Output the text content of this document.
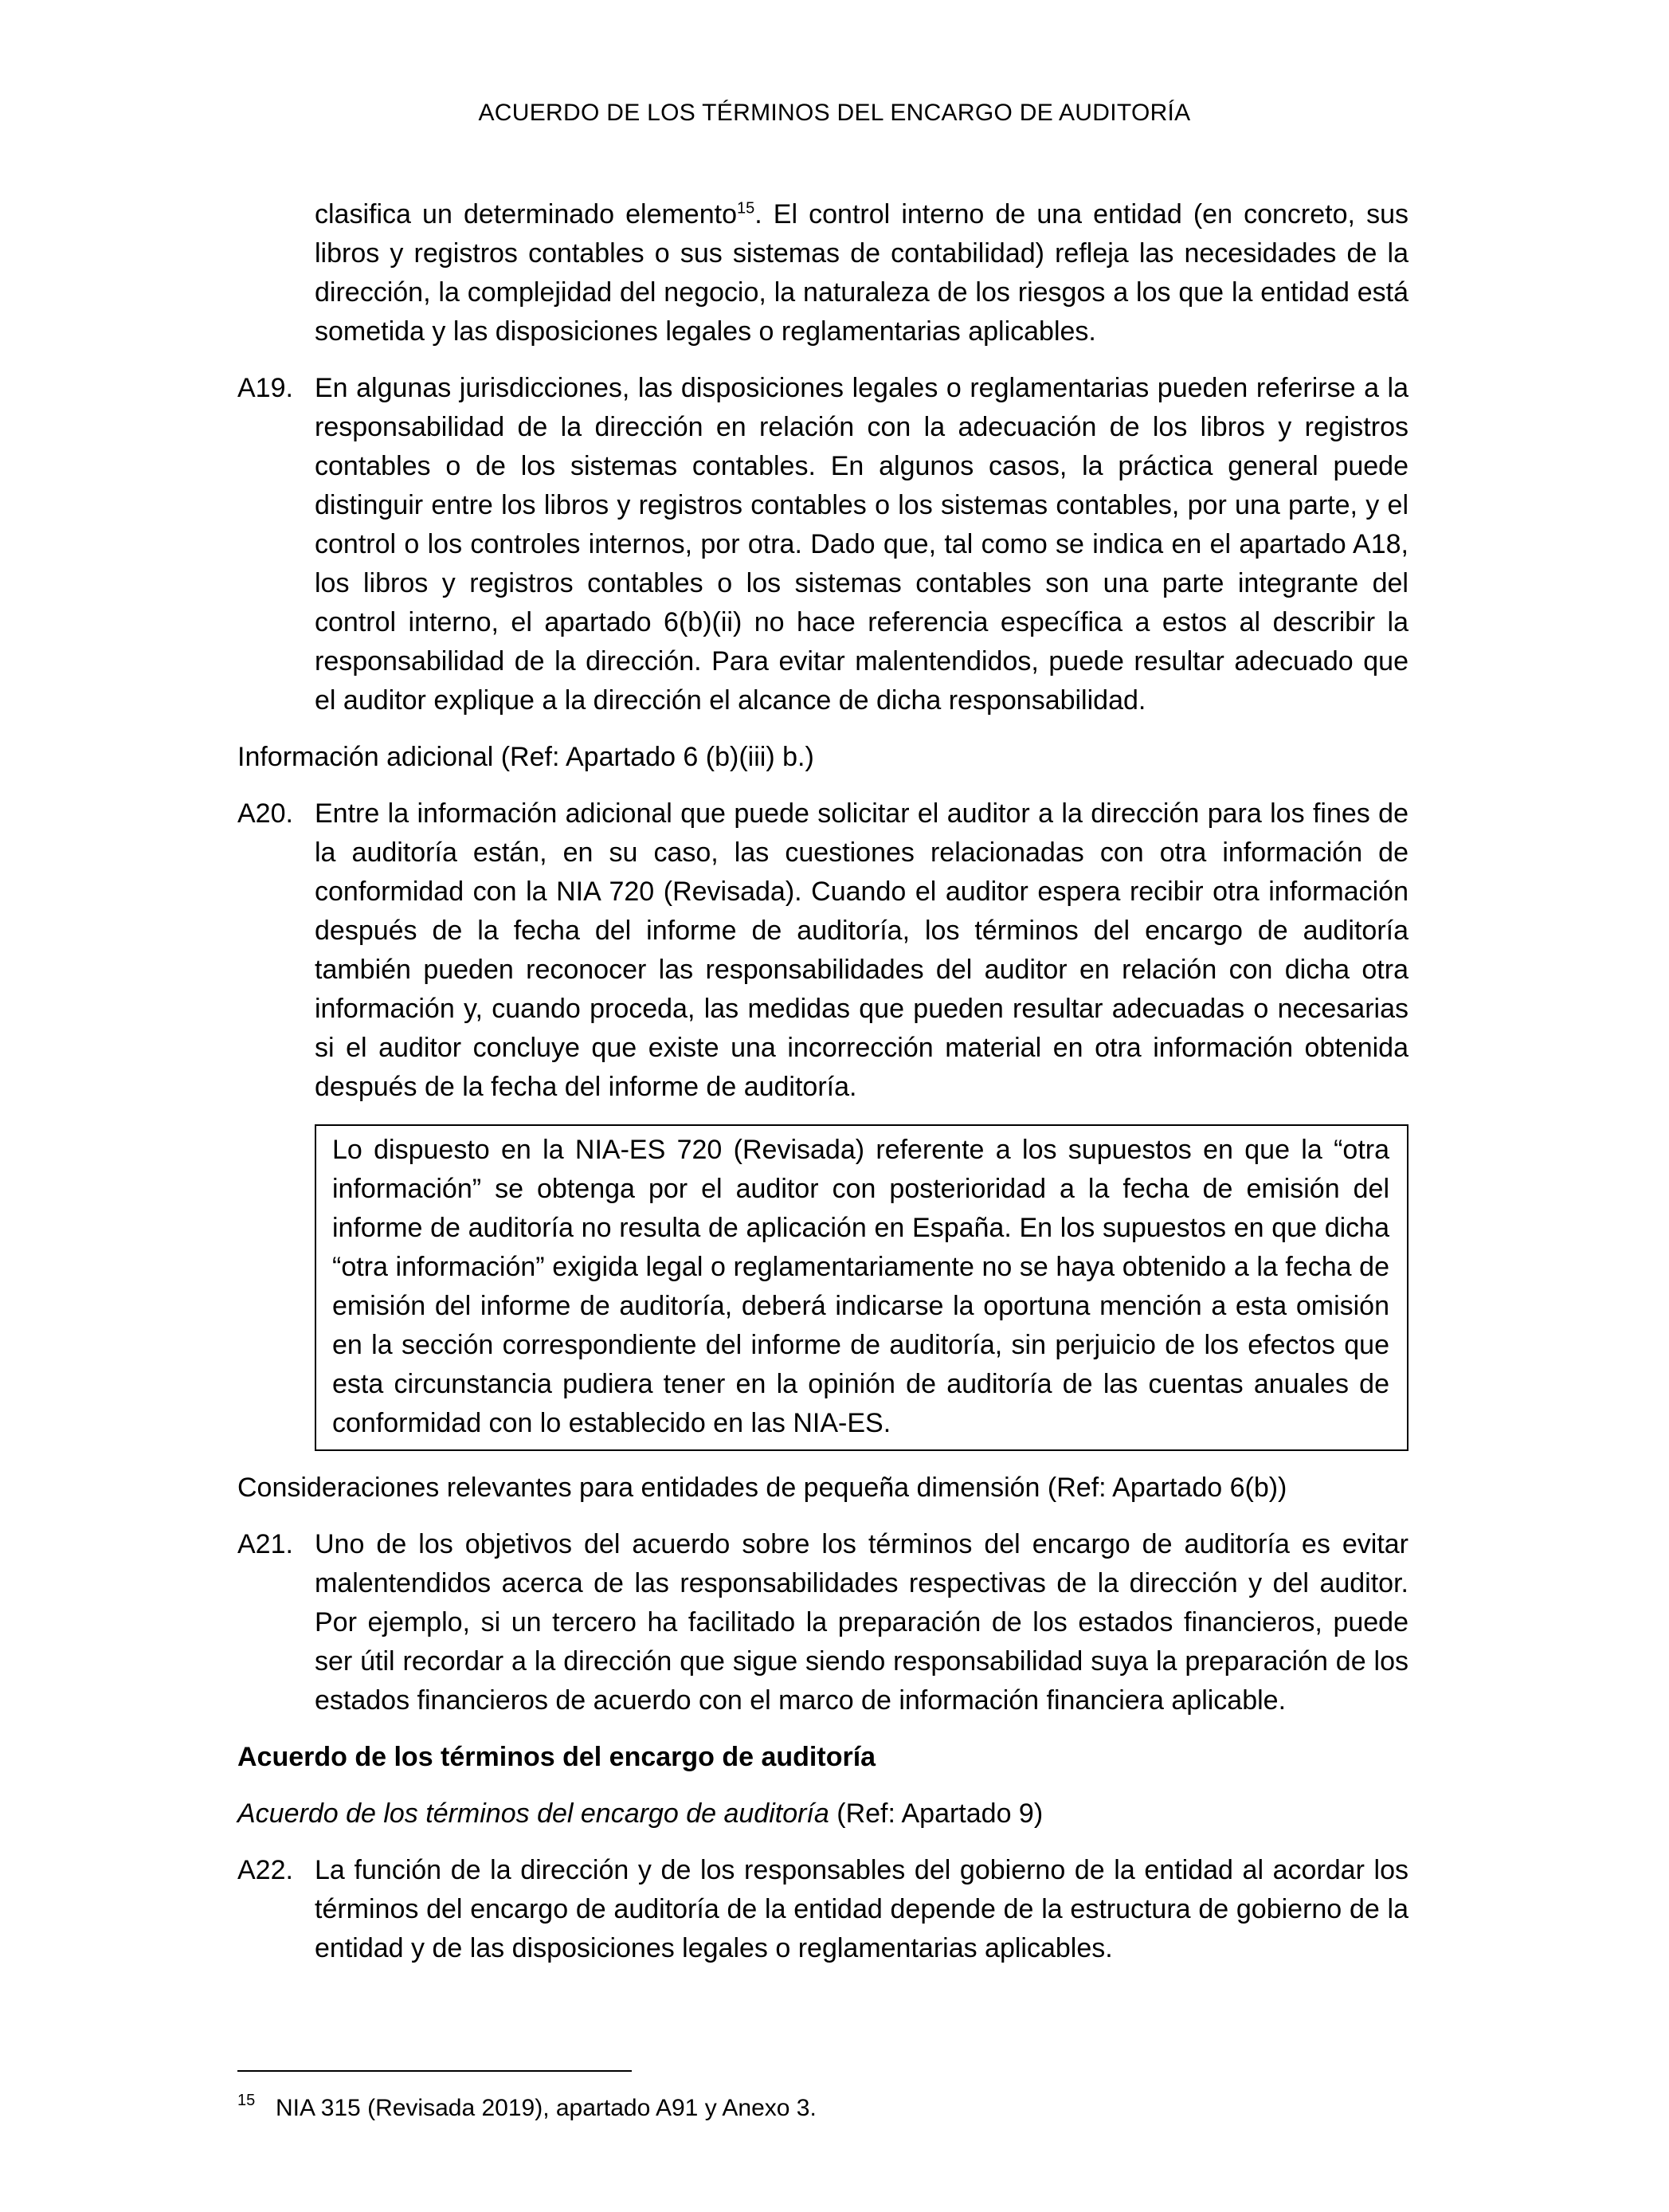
ACUERDO DE LOS TÉRMINOS DEL ENCARGO DE AUDITORÍA
clasifica un determinado elemento$^{15}$. El control interno de una entidad (en concreto, sus libros y registros contables o sus sistemas de contabilidad) refleja las necesidades de la dirección, la complejidad del negocio, la naturaleza de los riesgos a los que la entidad está sometida y las disposiciones legales o reglamentarias aplicables.
A19. En algunas jurisdicciones, las disposiciones legales o reglamentarias pueden referirse a la responsabilidad de la dirección en relación con la adecuación de los libros y registros contables o de los sistemas contables. En algunos casos, la práctica general puede distinguir entre los libros y registros contables o los sistemas contables, por una parte, y el control o los controles internos, por otra. Dado que, tal como se indica en el apartado A18, los libros y registros contables o los sistemas contables son una parte integrante del control interno, el apartado 6(b)(ii) no hace referencia específica a estos al describir la responsabilidad de la dirección. Para evitar malentendidos, puede resultar adecuado que el auditor explique a la dirección el alcance de dicha responsabilidad.
Información adicional (Ref: Apartado 6 (b)(iii) b.)
A20. Entre la información adicional que puede solicitar el auditor a la dirección para los fines de la auditoría están, en su caso, las cuestiones relacionadas con otra información de conformidad con la NIA 720 (Revisada). Cuando el auditor espera recibir otra información después de la fecha del informe de auditoría, los términos del encargo de auditoría también pueden reconocer las responsabilidades del auditor en relación con dicha otra información y, cuando proceda, las medidas que pueden resultar adecuadas o necesarias si el auditor concluye que existe una incorrección material en otra información obtenida después de la fecha del informe de auditoría.
Lo dispuesto en la NIA-ES 720 (Revisada) referente a los supuestos en que la “otra información” se obtenga por el auditor con posterioridad a la fecha de emisión del informe de auditoría no resulta de aplicación en España. En los supuestos en que dicha “otra información” exigida legal o reglamentariamente no se haya obtenido a la fecha de emisión del informe de auditoría, deberá indicarse la oportuna mención a esta omisión en la sección correspondiente del informe de auditoría, sin perjuicio de los efectos que esta circunstancia pudiera tener en la opinión de auditoría de las cuentas anuales de conformidad con lo establecido en las NIA-ES.
Consideraciones relevantes para entidades de pequeña dimensión (Ref: Apartado 6(b))
A21. Uno de los objetivos del acuerdo sobre los términos del encargo de auditoría es evitar malentendidos acerca de las responsabilidades respectivas de la dirección y del auditor. Por ejemplo, si un tercero ha facilitado la preparación de los estados financieros, puede ser útil recordar a la dirección que sigue siendo responsabilidad suya la preparación de los estados financieros de acuerdo con el marco de información financiera aplicable.
Acuerdo de los términos del encargo de auditoría
Acuerdo de los términos del encargo de auditoría (Ref: Apartado 9)
A22. La función de la dirección y de los responsables del gobierno de la entidad al acordar los términos del encargo de auditoría de la entidad depende de la estructura de gobierno de la entidad y de las disposiciones legales o reglamentarias aplicables.
15 NIA 315 (Revisada 2019), apartado A91 y Anexo 3.
